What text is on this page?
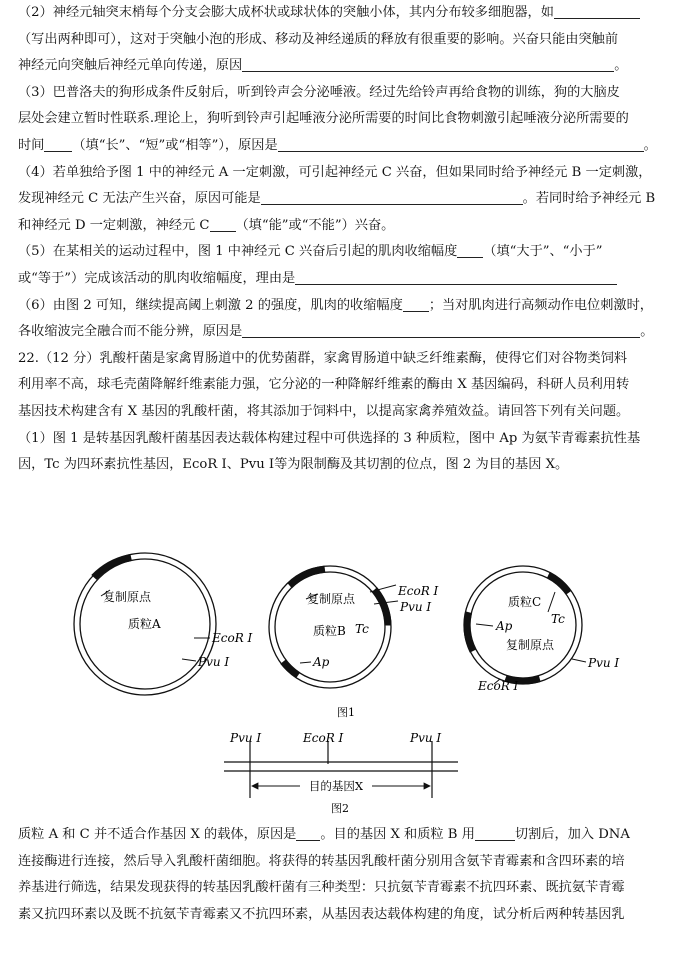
（2）神经元轴突末梢每个分支会膨大成杯状或球状体的突触小体，其内分布较多细胞器，如
（写出两种即可），这对于突触小泡的形成、移动及神经递质的释放有很重要的影响。兴奋只能由突触前
神经元向突触后神经元单向传递，原因	。
（3）巴普洛夫的狗形成条件反射后，听到铃声会分泌唾液。经过先给铃声再给食物的训练，狗的大脑皮
层处会建立暂时性联系.理论上，狗听到铃声引起唾液分泌所需要的时间比食物刺激引起唾液分泌所需要的
时间 （填“长”、“短”或“相等”），原因是	。
（4）若单独给予图 1 中的神经元 A 一定刺激，可引起神经元 C 兴奋，但如果同时给予神经元 B 一定刺激，
发现神经元 C 无法产生兴奋，原因可能是	。若同时给予神经元 B
和神经元 D 一定刺激，神经元 C （填“能”或“不能”）兴奋。
（5）在某相关的运动过程中，图 1 中神经元 C 兴奋后引起的肌肉收缩幅度 （填“大于”、“小于”
或“等于”）完成该活动的肌肉收缩幅度，理由是
（6）由图 2 可知，继续提高阈上刺激 2 的强度，肌肉的收缩幅度 ；当对肌肉进行高频动作电位刺激时，
各收缩波完全融合而不能分辨，原因是	。
22.（12 分）乳酸杆菌是家禽胃肠道中的优势菌群，家禽胃肠道中缺乏纤维素酶，使得它们对谷物类饲料
利用率不高，球毛壳菌降解纤维素能力强，它分泌的一种降解纤维素的酶由 X 基因编码，科研人员利用转
基因技术构建含有 X 基因的乳酸杆菌，将其添加于饲料中，以提高家禽养殖效益。请回答下列有关问题。
（1）图 1 是转基因乳酸杆菌基因表达载体构建过程中可供选择的 3 种质粒，图中 Ap 为氨苄青霉素抗性基
因，Tc 为四环素抗性基因，EcoR Ⅰ、Pvu Ⅰ等为限制酶及其切割的位点，图 2 为目的基因 X。
复制原点
质粒A
EcoR Ⅰ
Pvu Ⅰ
复制原点
质粒B Tc
Ap
EcoR Ⅰ
Pvu Ⅰ	质粒C
Tc
Ap
复制原点
Pvu Ⅰ
EcoR Ⅰ
图1
Pvu Ⅰ	EcoR Ⅰ	Pvu Ⅰ
目的基因X
图2
质粒 A 和 C 并不适合作基因 X 的载体，原因是 。目的基因 X 和质粒 B 用	切割后，加入 DNA
连接酶进行连接，然后导入乳酸杆菌细胞。将获得的转基因乳酸杆菌分别用含氨苄青霉素和含四环素的培
养基进行筛选，结果发现获得的转基因乳酸杆菌有三种类型：只抗氨苄青霉素不抗四环素、既抗氨苄青霉
素又抗四环素以及既不抗氨苄青霉素又不抗四环素，从基因表达载体构建的角度，试分析后两种转基因乳
